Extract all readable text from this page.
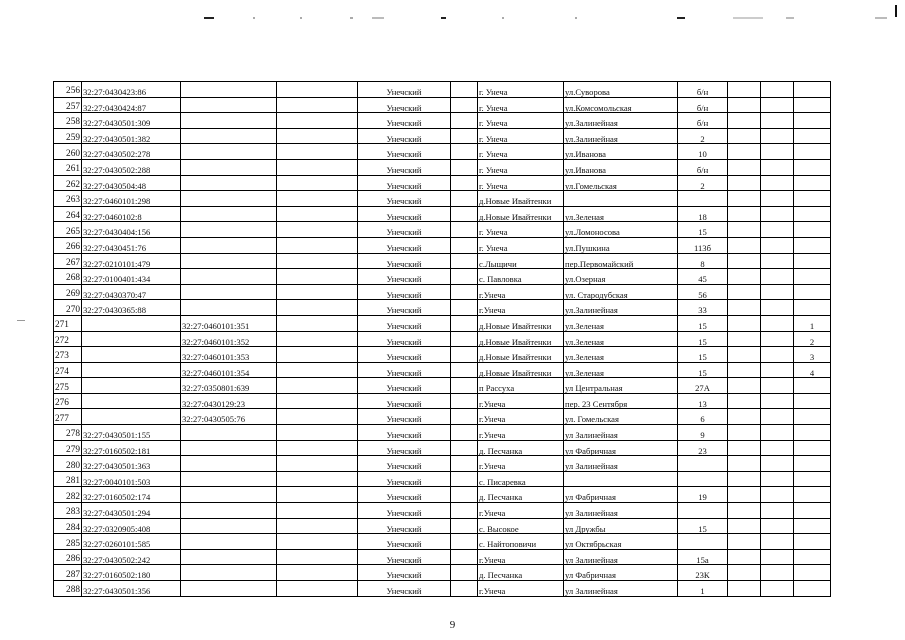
256	32:27:0430423:86			Унечский		г. Унеча	ул.Суворова	б/н			
257	32:27:0430424:87			Унечский		г. Унеча	ул.Комсомольская	б/н			
258	32:27:0430501:309			Унечский		г. Унеча	ул.Залинейная	б/н			
259	32:27:0430501:382			Унечский		г. Унеча	ул.Залинейная	2			
260	32:27:0430502:278			Унечский		г. Унеча	ул.Иванова	10			
261	32:27:0430502:288			Унечский		г. Унеча	ул.Иванова	б/н			
262	32:27:0430504:48			Унечский		г. Унеча	ул.Гомельская	2			
263	32:27:0460101:298			Унечский		д.Новые Ивайтенки					
264	32:27:0460102:8			Унечский		д.Новые Ивайтенки	ул.Зеленая	18			
265	32:27:0430404:156			Унечский		г. Унеча	ул.Ломоносова	15			
266	32:27:0430451:76			Унечский		г. Унеча	ул.Пушкина	113б			
267	32:27:0210101:479			Унечский		с.Лыщичи	пер.Первомайский	8			
268	32:27:0100401:434			Унечский		с. Павловка	ул.Озерная	45			
269	32:27:0430370:47			Унечский		г.Унеча	ул. Стародубская	56			
270	32:27:0430365:88			Унечский		г.Унеча	ул.Залинейная	33			
271		32:27:0460101:351		Унечский		д.Новые Ивайтенки	ул.Зеленая	15			1
272		32:27:0460101:352		Унечский		д.Новые Ивайтенки	ул.Зеленая	15			2
273		32:27:0460101:353		Унечский		д.Новые Ивайтенки	ул.Зеленая	15			3
274		32:27:0460101:354		Унечский		д.Новые Ивайтенки	ул.Зеленая	15			4
275		32:27:0350801:639		Унечский		п Рассуха	ул Центральная	27А			
276		32:27:0430129:23		Унечский		г.Унеча	пер. 23 Сентября	13			
277		32:27:0430505:76		Унечский		г.Унеча	ул. Гомельская	6			
278	32:27:0430501:155			Унечский		г.Унеча	ул Залинейная	9			
279	32:27:0160502:181			Унечский		д. Песчанка	ул Фабричная	23			
280	32:27:0430501:363			Унечский		г.Унеча	ул Залинейная				
281	32:27:0040101:503			Унечский		с. Писаревка					
282	32:27:0160502:174			Унечский		д. Песчанка	ул Фабричная	19			
283	32:27:0430501:294			Унечский		г.Унеча	ул Залинейная				
284	32:27:0320905:408			Унечский		с. Высокое	ул Дружбы	15			
285	32:27:0260101:585			Унечский		с. Найтоповичи	ул Октябрьская				
286	32:27:0430502:242			Унечский		г.Унеча	ул Залинейная	15а			
287	32:27:0160502:180			Унечский		д. Песчанка	ул Фабричная	23К			
288	32:27:0430501:356			Унечский		г.Унеча	ул Залинейная	1			
9
